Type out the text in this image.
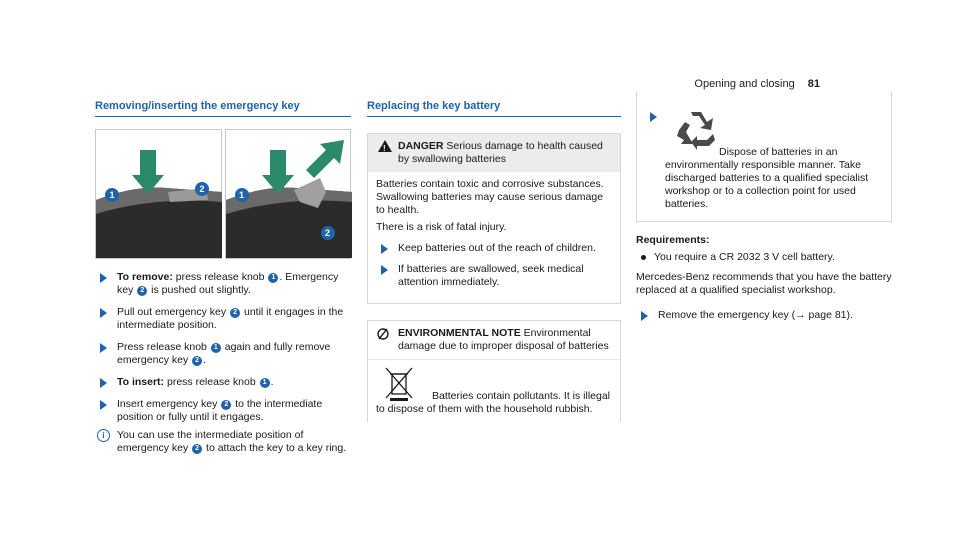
Opening and closing 81
Removing/inserting the emergency key
1
2
1
2
To remove: press release knob 1 . Emergency key 2 is pushed out slightly.
Pull out emergency key 2 until it engages in the intermediate position.
Press release knob 1 again and fully remove emergency key 2 .
To insert: press release knob 1 .
Insert emergency key 2 to the intermediate position or fully until it engages.
i	You can use the intermediate position of emergency key 2 to attach the key to a key ring.
Replacing the key battery
!
DANGER Serious damage to health caused by swallowing batteries
Batteries contain toxic and corrosive substances. Swallowing batteries may cause serious damage to health.
There is a risk of fatal injury.
Keep batteries out of the reach of children.
If batteries are swallowed, seek medical attention immediately.
ENVIRONMENTAL NOTE Environmental damage due to improper disposal of batteries
Batteries contain pollutants. It is illegal to dispose of them with the household rubbish.
Dispose of batteries in an environmentally responsible manner. Take discharged batteries to a qualified specialist workshop or to a collection point for used batteries.
Requirements:
You require a CR 2032 3 V cell battery.
Mercedes-Benz recommends that you have the battery replaced at a qualified specialist workshop.
Remove the emergency key (→ page 81).
